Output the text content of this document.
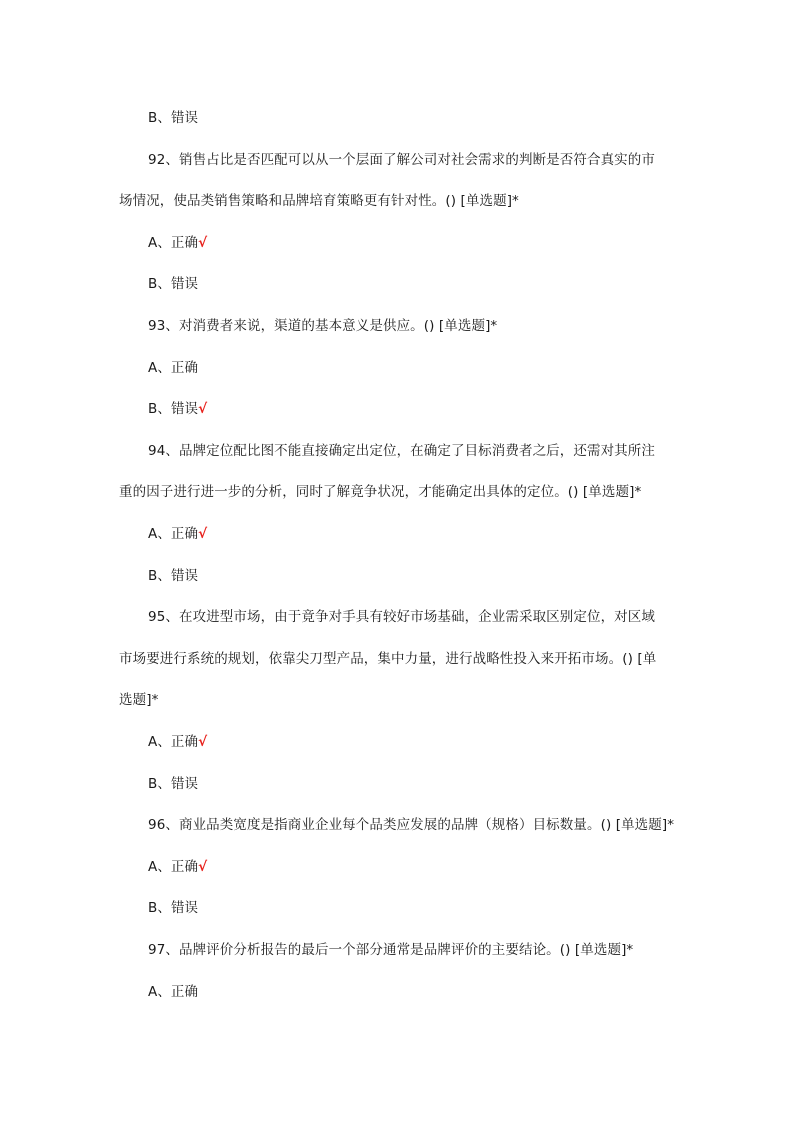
B、错误
92、销售占比是否匹配可以从一个层面了解公司对社会需求的判断是否符合真实的市
场情况，使品类销售策略和品牌培育策略更有针对性。() [单选题]*
A、正确√
B、错误
93、对消费者来说，渠道的基本意义是供应。() [单选题]*
A、正确
B、错误√
94、品牌定位配比图不能直接确定出定位，在确定了目标消费者之后，还需对其所注
重的因子进行进一步的分析，同时了解竟争状况，才能确定出具体的定位。() [单选题]*
A、正确√
B、错误
95、在攻进型市场，由于竟争对手具有较好市场基础，企业需采取区别定位，对区域
市场要进行系统的规划，依靠尖刀型产品，集中力量，进行战略性投入来开拓市场。() [单
选题]*
A、正确√
B、错误
96、商业品类宽度是指商业企业每个品类应发展的品牌（规格）目标数量。() [单选题]*
A、正确√
B、错误
97、品牌评价分析报告的最后一个部分通常是品牌评价的主要结论。() [单选题]*
A、正确
